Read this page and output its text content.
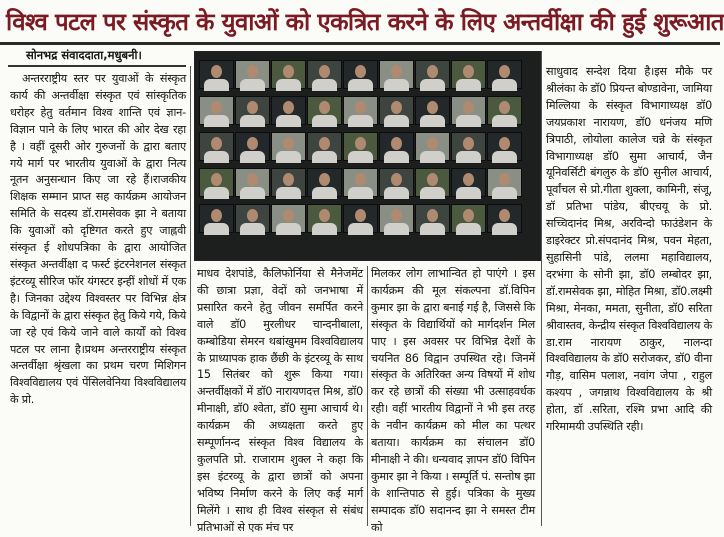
विश्व पटल पर संस्कृत के युवाओं को एकत्रित करने के लिए अन्तर्वीक्षा की हुई शुरूआत
सोनभद्र संवाददाता,मधुबनी।

अन्तरराष्ट्रीय स्तर पर युवाओं के संस्कृत कार्य की अन्तर्वीक्षा संस्कृत एवं सांस्कृतिक धरोहर हेतु वर्तमान विश्व शान्ति एवं ज्ञान-विज्ञान पाने के लिए भारत की ओर देख रहा है । वहीं दूसरी ओर गुरुजनों के द्वारा बताए गये मार्ग पर भारतीय युवाओं के द्वारा नित्य नूतन अनुसन्धान किए जा रहे हैं।राजकीय शिक्षक सम्मान प्राप्त सह कार्यक्रम आयोजन समिति के सदस्य डॉ.रामसेवक झा ने बताया कि युवाओं को दृष्टिगत करते हुए जाह्नवी संस्कृत ई शोधपत्रिका के द्वारा आयोजित संस्कृत अन्तर्वीक्षा द फर्स्ट इंटरनेशनल संस्कृत इंटरव्यू सीरिज फॉर यंगस्टर इन्हीं शोधों में एक है। जिनका उद्देश्य विश्वस्तर पर विभिन्न क्षेत्र के विद्वानों के द्वारा संस्कृत हेतु किये गये, किये जा रहे एवं किये जाने वाले कार्यों को विश्व पटल पर लाना है।प्रथम अन्तरराष्ट्रीय संस्कृत अन्तर्वीक्षा श्रृंखला का प्रथम चरण मिशिगन विश्वविद्यालय एवं पेंसिलवेनिया विश्वविद्यालय के प्रो.

माधव देशपांडे, कैलिफोर्निया से मैनेजमेंट की छात्रा प्रज्ञा, वेदों को जनभाषा में प्रसारित करने हेतु जीवन समर्पित करने वाले डॉ0 मुरलीधर चान्दनीबाला, कम्बोडिया सेमरन थबांखुमम विश्वविद्यालय के प्राध्यापक हाक छैंछी के इंटरव्यू के साथ 15 सितंबर को शुरू किया गया। अन्तर्वीक्षकों में डॉ0 नारायणदत्त मिश्र, डॉ0 मीनाक्षी, डॉ0 श्वेता, डॉ0 सुमा आचार्य थे।कार्यक्रम की अध्यक्षता करते हुए सम्पूर्णानन्द संस्कृत विश्व विद्यालय के कुलपति प्रो. राजाराम शुक्ल ने कहा कि इस इंटरव्यू के द्वारा छात्रों को अपना भविष्य निर्माण करने के लिए कई मार्ग मिलेंगे । साथ ही विश्व संस्कृत से संबंध प्रतिभाओं से एक मंच पर

मिलकर लोग लाभान्वित हो पाएंगे । इस कार्यक्रम की मूल संकल्पना डॉ.विपिन कुमार झा के द्वारा बनाई गई है, जिससे कि संस्कृत के विद्यार्थियों को मार्गदर्शन मिल पाए । इस अवसर पर विभिन्न देशों के चयनित 86 विद्वान उपस्थित रहे। जिनमें संस्कृत के अतिरिक्त अन्य विषयों में शोध कर रहे छात्रों की संख्या भी उत्साहवर्धक रही। वहीं भारतीय विद्वानों ने भी इस तरह के नवीन कार्यक्रम को मील का पत्थर बताया। कार्यक्रम का संचालन डॉ0 मीनाक्षी ने की। धन्यवाद ज्ञापन डॉ0 विपिन कुमार झा ने किया । सम्पूर्ति पं. सन्तोष झा के शान्तिपाठ से हुई। पत्रिका के मुख्य सम्पादक डॉ0 सदानन्द झा ने समस्त टीम को

साधुवाद सन्देश दिया है।इस मौके पर श्रीलंका के डॉ0 प्रियन्त बोण्डावेना, जामिया मिल्लिया के संस्कृत विभागाध्यक्ष डॉ0 जयप्रकाश नारायण, डॉ0 धनंजय मणि त्रिपाठी, लोयोला कालेज चन्ने के संस्कृत विभागाध्यक्ष डॉ0 सुमा आचार्य, जैन यूनिवर्सिटी बंगलुरु के डॉ0 सुनील आचार्य, पूर्वांचल से प्रो.गीता शुक्ला, कामिनी, संजू, डॉ प्रतिभा पांडेय, बीएचयू के प्रो. सच्चिदानंद मिश्र, अरविन्दो फाउंडेशन के डाइरेक्टर प्रो.संपदानंद मिश्र, पवन मेहता, सुहासिनी पांडे, ललमा महाविद्यालय, दरभंगा के सोनी झा, डॉ0 लम्बोदर झा, डॉ.रामसेवक झा, मोहित मिश्रा, डॉ0.लक्ष्मी मिश्रा, मेनका, ममता, सुनीता, डॉ0 सरिता श्रीवास्तव, केन्द्रीय संस्कृत विश्वविद्यालय के डा.राम नारायण ठाकुर, नालन्दा विश्वविद्यालय के डॉ0 सरोजकर, डॉ0 वीना गौड़, वासिम पलाश, नवांग जेपा , राहुल कश्यप , जगन्नाथ विश्वविद्यालय के श्री होता, डॉ .सरिता, रश्मि प्रभा आदि की गरिमामयी उपस्थिति रही।
